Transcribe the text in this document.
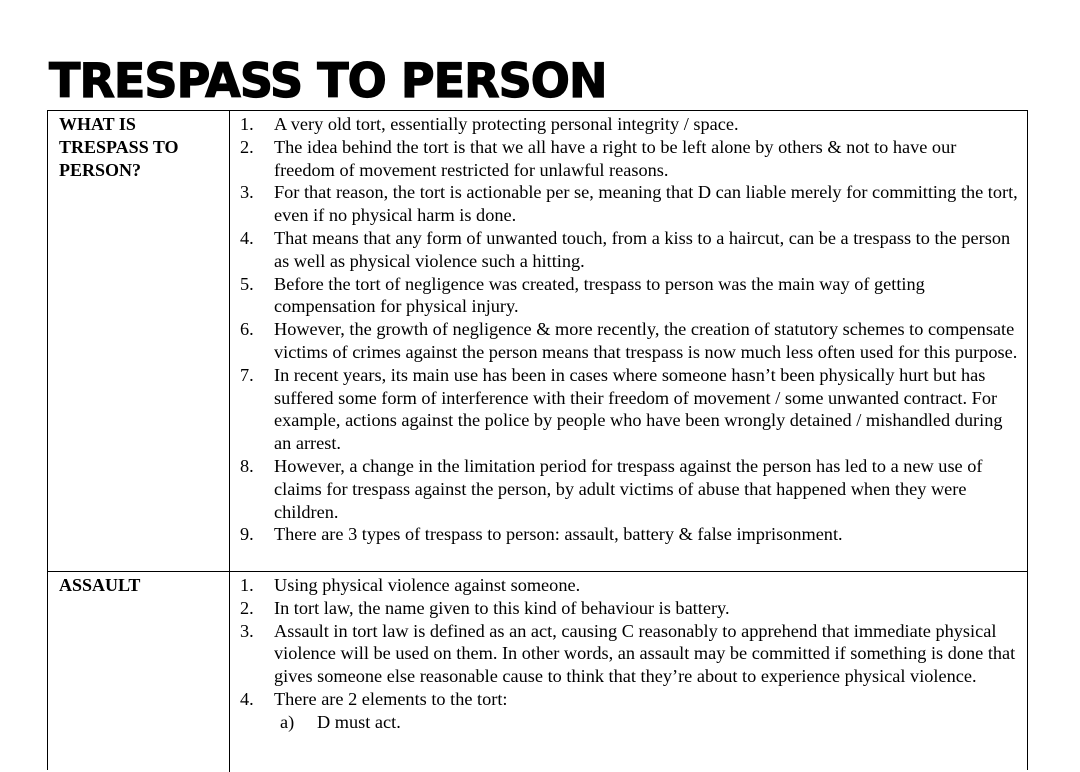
TRESPASS TO PERSON
WHAT IS
TRESPASS TO
PERSON?
1. A very old tort, essentially protecting personal integrity / space.
2. The idea behind the tort is that we all have a right to be left alone by others & not to have our freedom of movement restricted for unlawful reasons.
3. For that reason, the tort is actionable per se, meaning that D can liable merely for committing the tort, even if no physical harm is done.
4. That means that any form of unwanted touch, from a kiss to a haircut, can be a trespass to the person as well as physical violence such a hitting.
5. Before the tort of negligence was created, trespass to person was the main way of getting compensation for physical injury.
6. However, the growth of negligence & more recently, the creation of statutory schemes to compensate victims of crimes against the person means that trespass is now much less often used for this purpose.
7. In recent years, its main use has been in cases where someone hasn’t been physically hurt but has suffered some form of interference with their freedom of movement / some unwanted contract. For example, actions against the police by people who have been wrongly detained / mishandled during an arrest.
8. However, a change in the limitation period for trespass against the person has led to a new use of claims for trespass against the person, by adult victims of abuse that happened when they were children.
9. There are 3 types of trespass to person: assault, battery & false imprisonment.
ASSAULT	1. Using physical violence against someone.
2. In tort law, the name given to this kind of behaviour is battery.
3. Assault in tort law is defined as an act, causing C reasonably to apprehend that immediate physical violence will be used on them. In other words, an assault may be committed if something is done that gives someone else reasonable cause to think that they’re about to experience physical violence.
4. There are 2 elements to the tort:
a) D must act.
